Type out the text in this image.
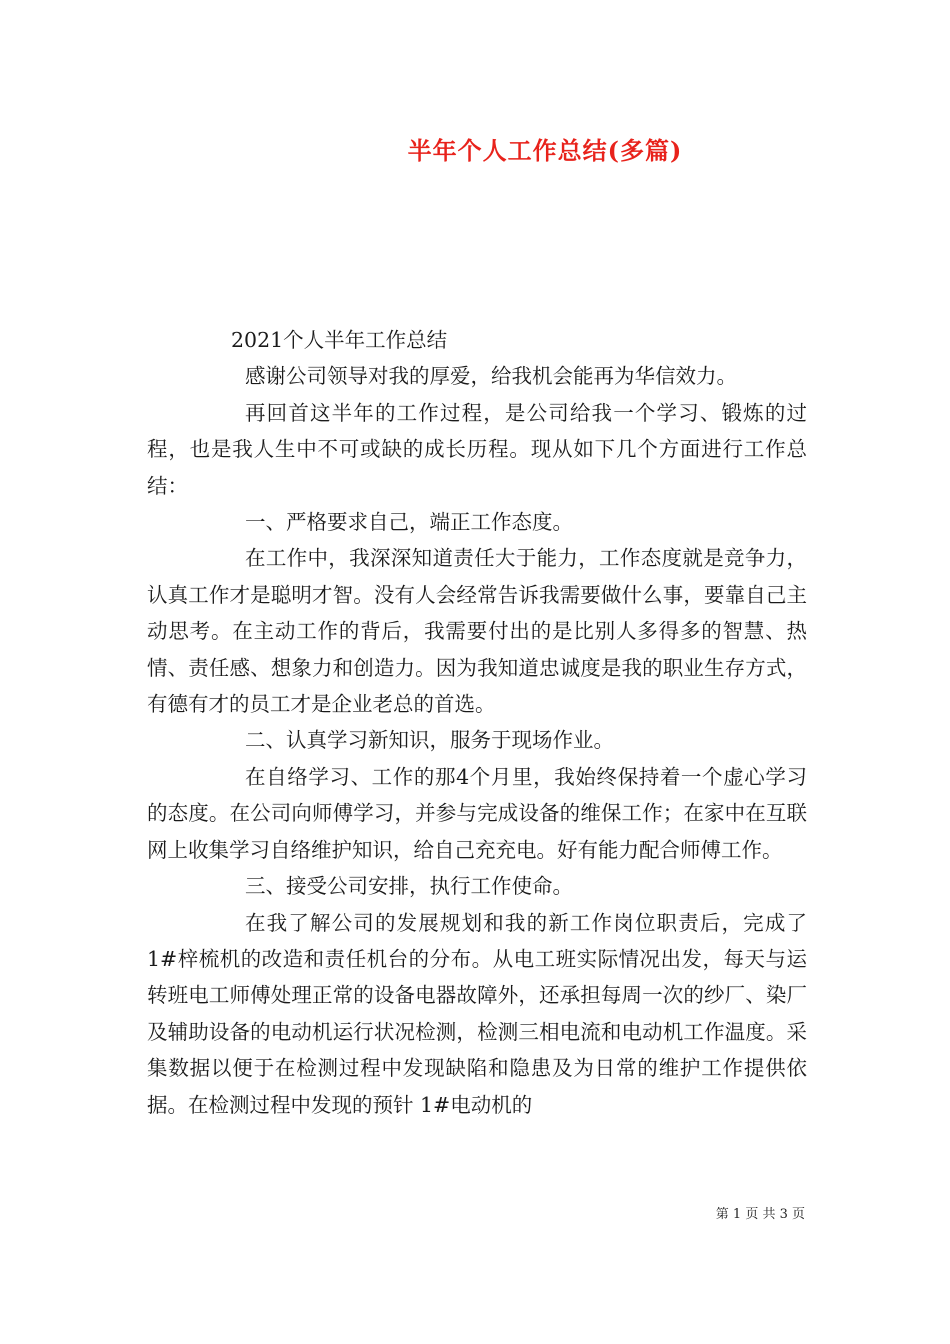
半年个人工作总结(多篇)

2021个人半年工作总结

感谢公司领导对我的厚爱，给我机会能再为华信效力。

再回首这半年的工作过程，是公司给我一个学习、锻炼的过程，也是我人生中不可或缺的成长历程。现从如下几个方面进行工作总结：

一、严格要求自己，端正工作态度。

在工作中，我深深知道责任大于能力，工作态度就是竞争力，认真工作才是聪明才智。没有人会经常告诉我需要做什么事，要靠自己主动思考。在主动工作的背后，我需要付出的是比别人多得多的智慧、热情、责任感、想象力和创造力。因为我知道忠诚度是我的职业生存方式，有德有才的员工才是企业老总的首选。

二、认真学习新知识，服务于现场作业。

在自络学习、工作的那4个月里，我始终保持着一个虚心学习的态度。在公司向师傅学习，并参与完成设备的维保工作；在家中在互联网上收集学习自络维护知识，给自己充充电。好有能力配合师傅工作。

三、接受公司安排，执行工作使命。

在我了解公司的发展规划和我的新工作岗位职责后，完成了1#梓梳机的改造和责任机台的分布。从电工班实际情况出发，每天与运转班电工师傅处理正常的设备电器故障外，还承担每周一次的纱厂、染厂及辅助设备的电动机运行状况检测，检测三相电流和电动机工作温度。采集数据以便于在检测过程中发现缺陷和隐患及为日常的维护工作提供依据。在检测过程中发现的预针 1#电动机的

第 1 页 共 3 页
